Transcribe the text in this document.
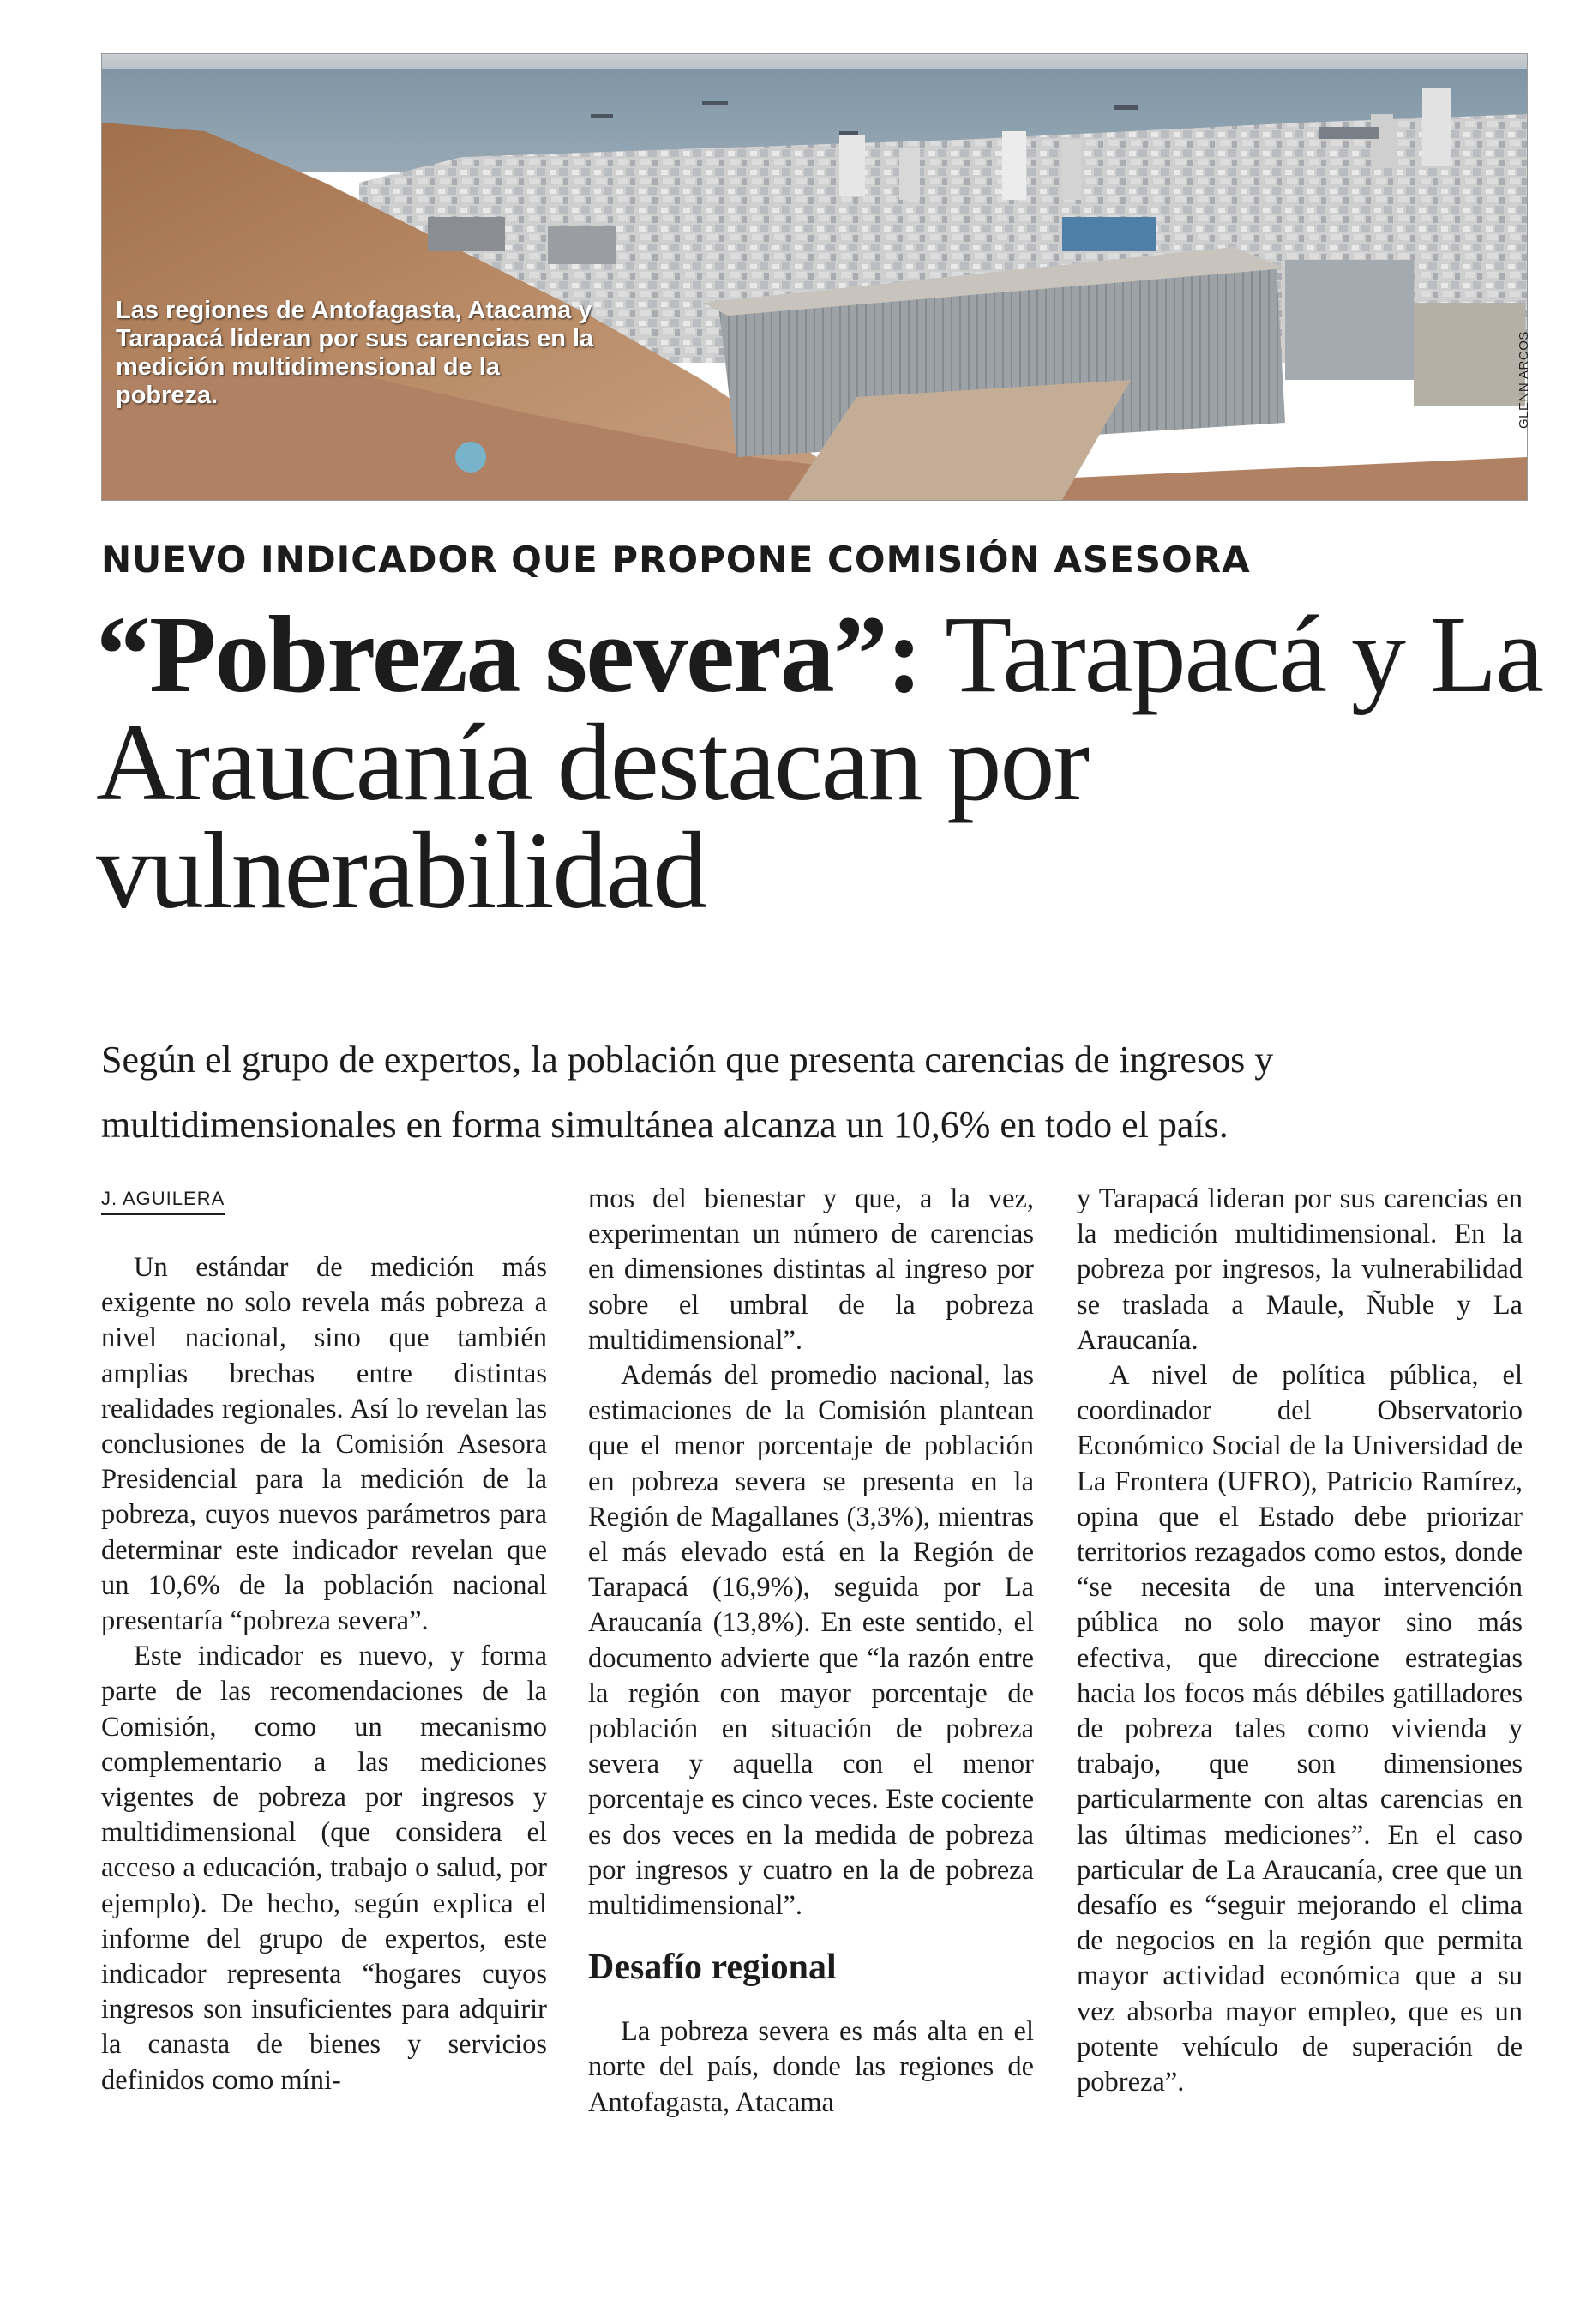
Las regiones de Antofagasta, Atacama y Tarapacá lideran por sus carencias en la medición multidimensional de la pobreza.	GLENN ARCOS
NUEVO INDICADOR QUE PROPONE COMISIÓN ASESORA
“Pobreza severa”: Tarapacá y La Araucanía destacan por vulnerabilidad

Según el grupo de expertos, la población que presenta carencias de ingresos y multidimensionales en forma simultánea alcanza un 10,6% en todo el país.

J. AGUILERA

Un estándar de medición más exigente no solo revela más pobreza a nivel nacional, sino que también amplias brechas entre distintas realidades regionales. Así lo revelan las conclusiones de la Comisión Asesora Presidencial para la medición de la pobreza, cuyos nuevos parámetros para determinar este indicador revelan que un 10,6% de la población nacional presentaría “pobreza severa”.

Este indicador es nuevo, y forma parte de las recomendaciones de la Comisión, como un mecanismo complementario a las mediciones vigentes de pobreza por ingresos y multidimensional (que considera el acceso a educación, trabajo o salud, por ejemplo). De hecho, según explica el informe del grupo de expertos, este indicador representa “hogares cuyos ingresos son insuficientes para adquirir la canasta de bienes y servicios definidos como míni-

mos del bienestar y que, a la vez, experimentan un número de carencias en dimensiones distintas al ingreso por sobre el umbral de la pobreza multidimensional”.

Además del promedio nacional, las estimaciones de la Comisión plantean que el menor porcentaje de población en pobreza severa se presenta en la Región de Magallanes (3,3%), mientras el más elevado está en la Región de Tarapacá (16,9%), seguida por La Araucanía (13,8%). En este sentido, el documento advierte que “la razón entre la región con mayor porcentaje de población en situación de pobreza severa y aquella con el menor porcentaje es cinco veces. Este cociente es dos veces en la medida de pobreza por ingresos y cuatro en la de pobreza multidimensional”.

Desafío regional

La pobreza severa es más alta en el norte del país, donde las regiones de Antofagasta, Atacama

y Tarapacá lideran por sus carencias en la medición multidimensional. En la pobreza por ingresos, la vulnerabilidad se traslada a Maule, Ñuble y La Araucanía.

A nivel de política pública, el coordinador del Observatorio Económico Social de la Universidad de La Frontera (UFRO), Patricio Ramírez, opina que el Estado debe priorizar territorios rezagados como estos, donde “se necesita de una intervención pública no solo mayor sino más efectiva, que direccione estrategias hacia los focos más débiles gatilladores de pobreza tales como vivienda y trabajo, que son dimensiones particularmente con altas carencias en las últimas mediciones”. En el caso particular de La Araucanía, cree que un desafío es “seguir mejorando el clima de negocios en la región que permita mayor actividad económica que a su vez absorba mayor empleo, que es un potente vehículo de superación de pobreza”.
